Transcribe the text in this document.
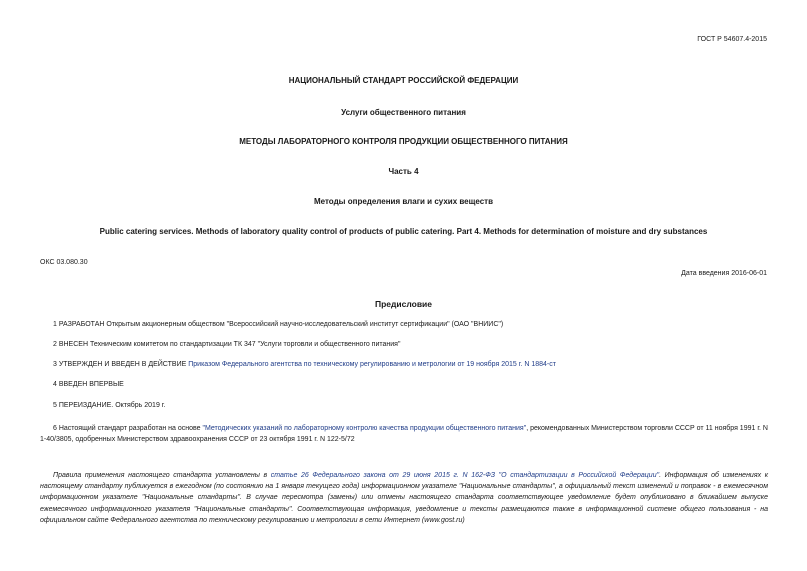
ГОСТ Р 54607.4-2015
НАЦИОНАЛЬНЫЙ СТАНДАРТ РОССИЙСКОЙ ФЕДЕРАЦИИ
Услуги общественного питания
МЕТОДЫ ЛАБОРАТОРНОГО КОНТРОЛЯ ПРОДУКЦИИ ОБЩЕСТВЕННОГО ПИТАНИЯ
Часть 4
Методы определения влаги и сухих веществ
Public catering services. Methods of laboratory quality control of products of public catering. Part 4. Methods for determination of moisture and dry substances
ОКС 03.080.30
Дата введения 2016-06-01
Предисловие
1 РАЗРАБОТАН Открытым акционерным обществом "Всероссийский научно-исследовательский институт сертификации" (ОАО "ВНИИС")
2 ВНЕСЕН Техническим комитетом по стандартизации ТК 347 "Услуги торговли и общественного питания"
3 УТВЕРЖДЕН И ВВЕДЕН В ДЕЙСТВИЕ Приказом Федерального агентства по техническому регулированию и метрологии от 19 ноября 2015 г. N 1884-ст
4 ВВЕДЕН ВПЕРВЫЕ
5 ПЕРЕИЗДАНИЕ. Октябрь 2019 г.
6 Настоящий стандарт разработан на основе "Методических указаний по лабораторному контролю качества продукции общественного питания", рекомендованных Министерством торговли СССР от 11 ноября 1991 г. N 1-40/3805, одобренных Министерством здравоохранения СССР от 23 октября 1991 г. N 122-5/72
Правила применения настоящего стандарта установлены в статье 26 Федерального закона от 29 июня 2015 г. N 162-ФЗ "О стандартизации в Российской Федерации". Информация об изменениях к настоящему стандарту публикуется в ежегодном (по состоянию на 1 января текущего года) информационном указателе "Национальные стандарты", а официальный текст изменений и поправок - в ежемесячном информационном указателе "Национальные стандарты". В случае пересмотра (замены) или отмены настоящего стандарта соответствующее уведомление будет опубликовано в ближайшем выпуске ежемесячного информационного указателя "Национальные стандарты". Соответствующая информация, уведомление и тексты размещаются также в информационной системе общего пользования - на официальном сайте Федерального агентства по техническому регулированию и метрологии в сети Интернет (www.gost.ru)
